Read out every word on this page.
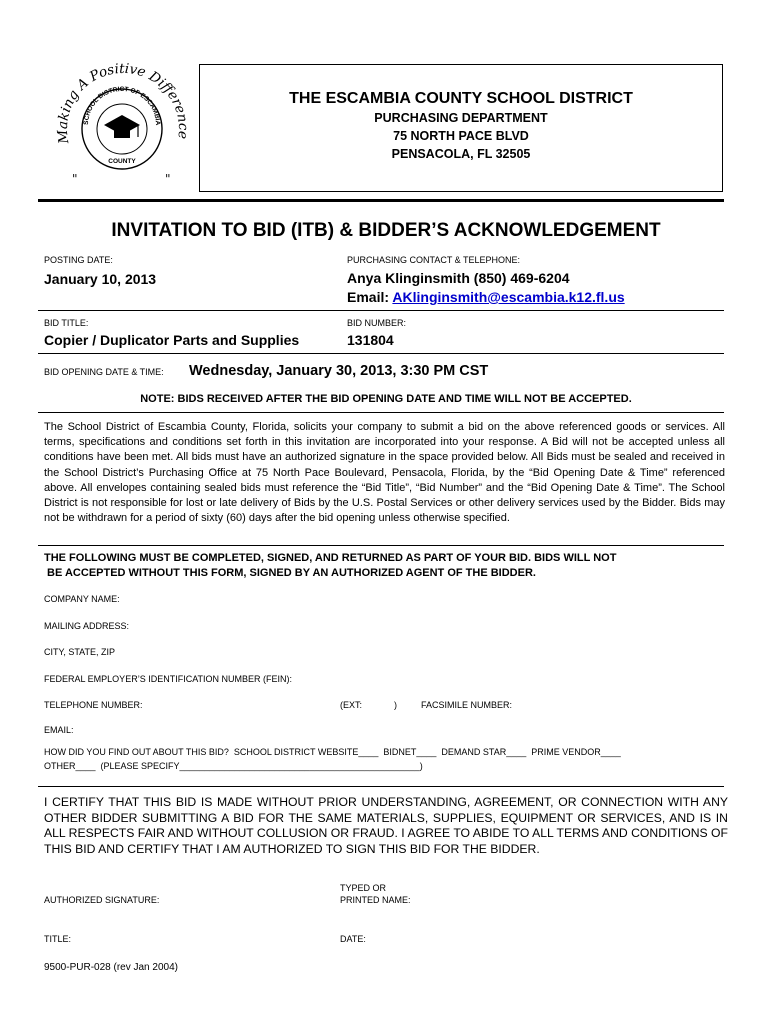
Making A Positive Difference
SCHOOL DISTRICT OF ESCAMBIA
COUNTY
"	"
THE ESCAMBIA COUNTY SCHOOL DISTRICT
PURCHASING DEPARTMENT
75 NORTH PACE BLVD
PENSACOLA, FL 32505
INVITATION TO BID (ITB) & BIDDER’S ACKNOWLEDGEMENT
POSTING DATE:
January 10, 2013
PURCHASING CONTACT & TELEPHONE:
Anya Klinginsmith (850) 469-6204
Email: AKlinginsmith@escambia.k12.fl.us
BID TITLE:
Copier / Duplicator Parts and Supplies
BID NUMBER:
131804
BID OPENING DATE & TIME: Wednesday, January 30, 2013, 3:30 PM CST
NOTE: BIDS RECEIVED AFTER THE BID OPENING DATE AND TIME WILL NOT BE ACCEPTED.
The School District of Escambia County, Florida, solicits your company to submit a bid on the above referenced goods or services. All terms, specifications and conditions set forth in this invitation are incorporated into your response. A Bid will not be accepted unless all conditions have been met. All bids must have an authorized signature in the space provided below. All Bids must be sealed and received in the School District’s Purchasing Office at 75 North Pace Boulevard, Pensacola, Florida, by the “Bid Opening Date & Time” referenced above. All envelopes containing sealed bids must reference the “Bid Title”, “Bid Number” and the “Bid Opening Date & Time”. The School District is not responsible for lost or late delivery of Bids by the U.S. Postal Services or other delivery services used by the Bidder. Bids may not be withdrawn for a period of sixty (60) days after the bid opening unless otherwise specified.
THE FOLLOWING MUST BE COMPLETED, SIGNED, AND RETURNED AS PART OF YOUR BID. BIDS WILL NOT
BE ACCEPTED WITHOUT THIS FORM, SIGNED BY AN AUTHORIZED AGENT OF THE BIDDER.
COMPANY NAME:
MAILING ADDRESS:
CITY, STATE, ZIP
FEDERAL EMPLOYER’S IDENTIFICATION NUMBER (FEIN):
TELEPHONE NUMBER:	(EXT:	)	FACSIMILE NUMBER:
EMAIL:
HOW DID YOU FIND OUT ABOUT THIS BID?  SCHOOL DISTRICT WEBSITE____  BIDNET____  DEMAND STAR____  PRIME VENDOR____
OTHER____  (PLEASE SPECIFY________________________________________________)
I CERTIFY THAT THIS BID IS MADE WITHOUT PRIOR UNDERSTANDING, AGREEMENT, OR CONNECTION WITH ANY OTHER BIDDER SUBMITTING A BID FOR THE SAME MATERIALS, SUPPLIES, EQUIPMENT OR SERVICES, AND IS IN ALL RESPECTS FAIR AND WITHOUT COLLUSION OR FRAUD. I AGREE TO ABIDE TO ALL TERMS AND CONDITIONS OF THIS BID AND CERTIFY THAT I AM AUTHORIZED TO SIGN THIS BID FOR THE BIDDER.
AUTHORIZED SIGNATURE:
TYPED OR
PRINTED NAME:
TITLE:	DATE:
9500-PUR-028 (rev Jan 2004)
